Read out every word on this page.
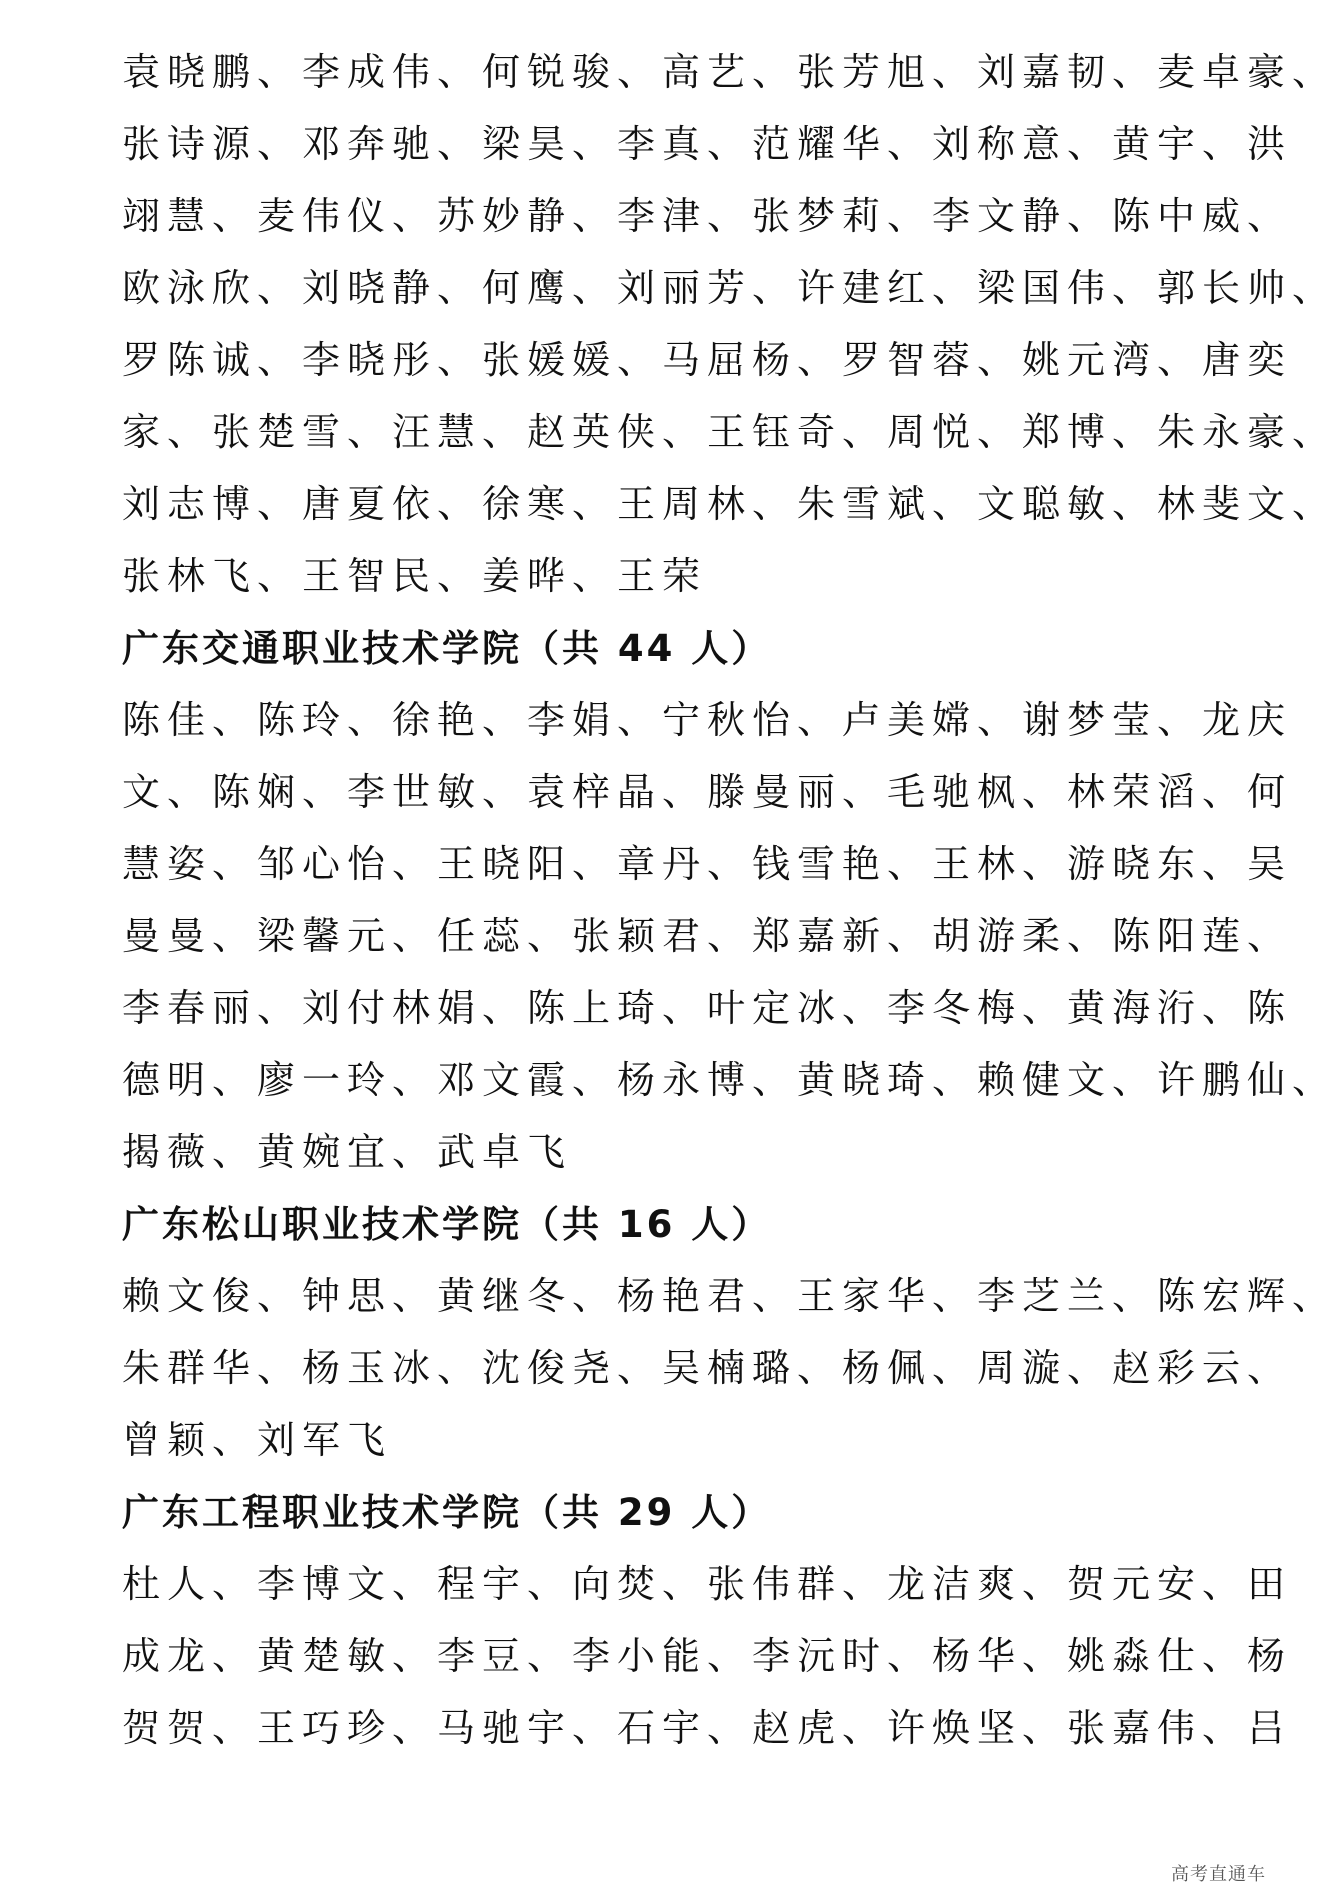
袁晓鹏、李成伟、何锐骏、高艺、张芳旭、刘嘉韧、麦卓豪、
张诗源、邓奔驰、梁昊、李真、范耀华、刘称意、黄宇、洪
翊慧、麦伟仪、苏妙静、李津、张梦莉、李文静、陈中威、
欧泳欣、刘晓静、何鹰、刘丽芳、许建红、梁国伟、郭长帅、
罗陈诚、李晓彤、张媛媛、马屈杨、罗智蓉、姚元湾、唐奕
家、张楚雪、汪慧、赵英侠、王钰奇、周悦、郑博、朱永豪、
刘志博、唐夏依、徐寒、王周林、朱雪斌、文聪敏、林斐文、
张林飞、王智民、姜晔、王荣
广东交通职业技术学院（共 44 人）
陈佳、陈玲、徐艳、李娟、宁秋怡、卢美嫦、谢梦莹、龙庆
文、陈娴、李世敏、袁梓晶、滕曼丽、毛驰枫、林荣滔、何
慧姿、邹心怡、王晓阳、章丹、钱雪艳、王林、游晓东、吴
曼曼、梁馨元、任蕊、张颖君、郑嘉新、胡游柔、陈阳莲、
李春丽、刘付林娟、陈上琦、叶定冰、李冬梅、黄海洐、陈
德明、廖一玲、邓文霞、杨永博、黄晓琦、赖健文、许鹏仙、
揭薇、黄婉宜、武卓飞
广东松山职业技术学院（共 16 人）
赖文俊、钟思、黄继冬、杨艳君、王家华、李芝兰、陈宏辉、
朱群华、杨玉冰、沈俊尧、吴楠璐、杨佩、周漩、赵彩云、
曾颖、刘军飞
广东工程职业技术学院（共 29 人）
杜人、李博文、程宇、向焚、张伟群、龙洁爽、贺元安、田
成龙、黄楚敏、李豆、李小能、李沅时、杨华、姚淼仕、杨
贺贺、王巧珍、马驰宇、石宇、赵虎、许焕坚、张嘉伟、吕
高考直通车
